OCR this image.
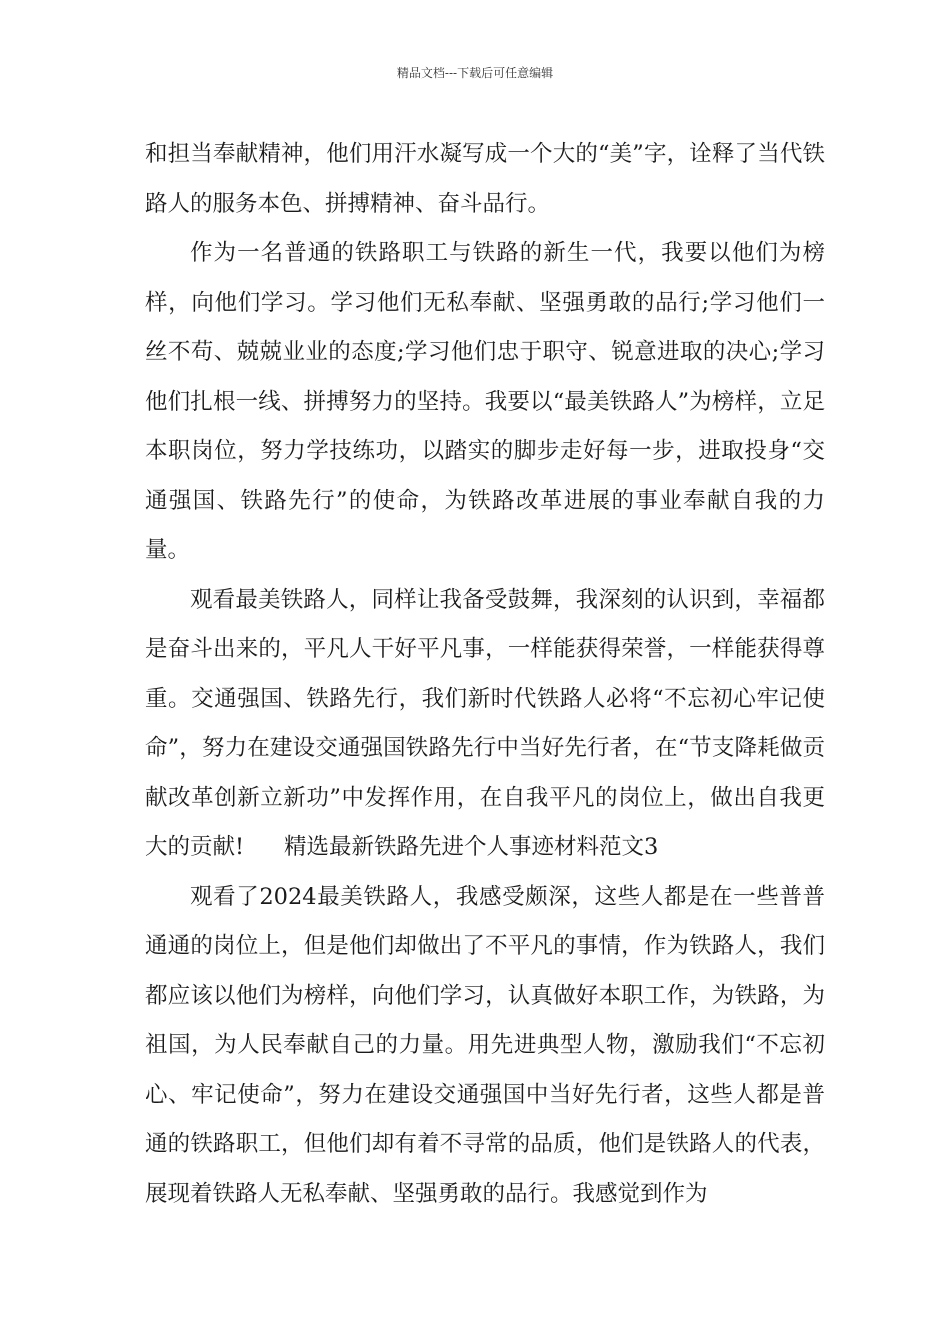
精品文档---下载后可任意编辑

和担当奉献精神，他们用汗水凝写成一个大的“美”字，诠释了当代铁路人的服务本色、拼搏精神、奋斗品行。

作为一名普通的铁路职工与铁路的新生一代，我要以他们为榜样，向他们学习。学习他们无私奉献、坚强勇敢的品行;学习他们一丝不苟、兢兢业业的态度;学习他们忠于职守、锐意进取的决心;学习他们扎根一线、拼搏努力的坚持。我要以“最美铁路人”为榜样，立足本职岗位，努力学技练功，以踏实的脚步走好每一步，进取投身“交通强国、铁路先行”的使命，为铁路改革进展的事业奉献自我的力量。

观看最美铁路人，同样让我备受鼓舞，我深刻的认识到，幸福都是奋斗出来的，平凡人干好平凡事，一样能获得荣誉，一样能获得尊重。交通强国、铁路先行，我们新时代铁路人必将“不忘初心牢记使命”，努力在建设交通强国铁路先行中当好先行者，在“节支降耗做贡献改革创新立新功”中发挥作用，在自我平凡的岗位上，做出自我更大的贡献! 精选最新铁路先进个人事迹材料范文3

观看了2024最美铁路人，我感受颇深，这些人都是在一些普普通通的岗位上，但是他们却做出了不平凡的事情，作为铁路人，我们都应该以他们为榜样，向他们学习，认真做好本职工作，为铁路，为祖国，为人民奉献自己的力量。用先进典型人物，激励我们“不忘初心、牢记使命”，努力在建设交通强国中当好先行者，这些人都是普通的铁路职工，但他们却有着不寻常的品质，他们是铁路人的代表，展现着铁路人无私奉献、坚强勇敢的品行。我感觉到作为
